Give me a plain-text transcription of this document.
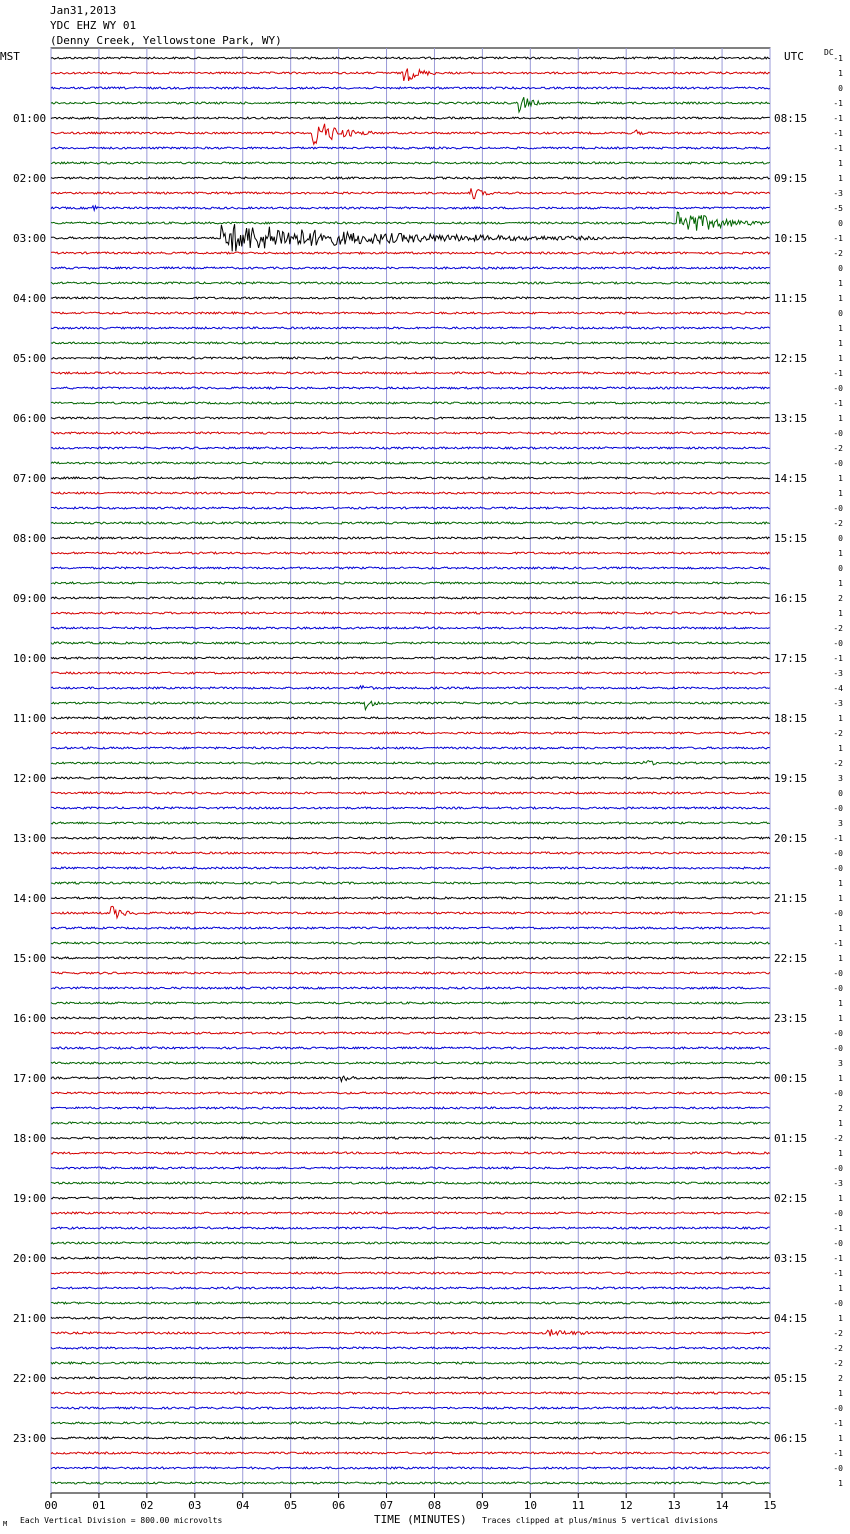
Jan31,2013

YDC EHZ WY 01

(Denny Creek, Yellowstone Park, WY)

MST	UTC	DC
00	01	02	03	04	05	06	07	08	09	10	11	12	13	14	15
-1
1
0
-1
-1
-1
-1
1
1
-3
-5
0
-1
-2
0
1
1
0
1
1
1
-1
-0
-1
1
-0
-2
-0
1
1
-0
-2
0
1
0
1
2
1
-2
-0
-1
-3
-4
-3
1
-2
1
-2
3
0
-0
3
-1
-0
-0
1
1
-0
1
-1
1
-0
-0
1
1
-0
-0
3
1
-0
2
1
-2
1
-0
-3
1
-0
-1
-0
-1
-1
1
-0
1
-2
-2
-2
2
1
-0
-1
1
-1
-0
1
01:00	08:15
02:00	09:15
03:00	10:15
04:00	11:15
05:00	12:15
06:00	13:15
07:00	14:15
08:00	15:15
09:00	16:15
10:00	17:15
11:00	18:15
12:00	19:15
13:00	20:15
14:00	21:15
15:00	22:15
16:00	23:15
17:00	00:15
18:00	01:15
19:00	02:15
20:00	03:15
21:00	04:15
22:00	05:15
23:00	06:15
M Each Vertical Division = 800.00 microvolts	TIME (MINUTES) Traces clipped at plus/minus 5 vertical divisions
